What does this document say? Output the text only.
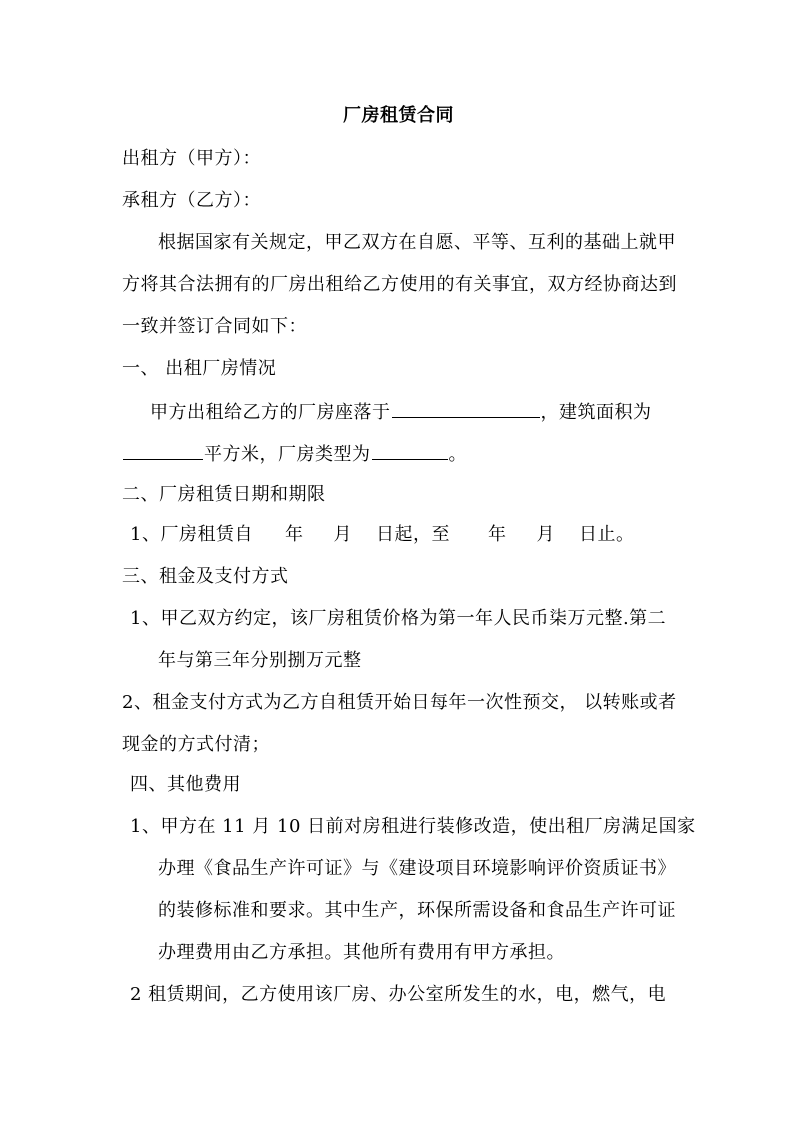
厂房租赁合同
出租方（甲方）：
承租方（乙方）：
根据国家有关规定，甲乙双方在自愿、平等、互利的基础上就甲
方将其合法拥有的厂房出租给乙方使用的有关事宜，双方经协商达到
一致并签订合同如下：
一、 出租厂房情况
甲方出租给乙方的厂房座落于	，建筑面积为
平方米，厂房类型为	。
二、厂房租赁日期和期限
1、厂房租赁自 年 月 日起，至 年 月 日止。
三、租金及支付方式
1、甲乙双方约定，该厂房租赁价格为第一年人民币柒万元整.第二
年与第三年分别捌万元整
2、租金支付方式为乙方自租赁开始日每年一次性预交， 以转账或者
现金的方式付清；
四、其他费用
1、甲方在 11 月 10 日前对房租进行装修改造，使出租厂房满足国家
办理《食品生产许可证》与《建设项目环境影响评价资质证书》
的装修标准和要求。其中生产，环保所需设备和食品生产许可证
办理费用由乙方承担。其他所有费用有甲方承担。
2 租赁期间，乙方使用该厂房、办公室所发生的水，电，燃气，电
